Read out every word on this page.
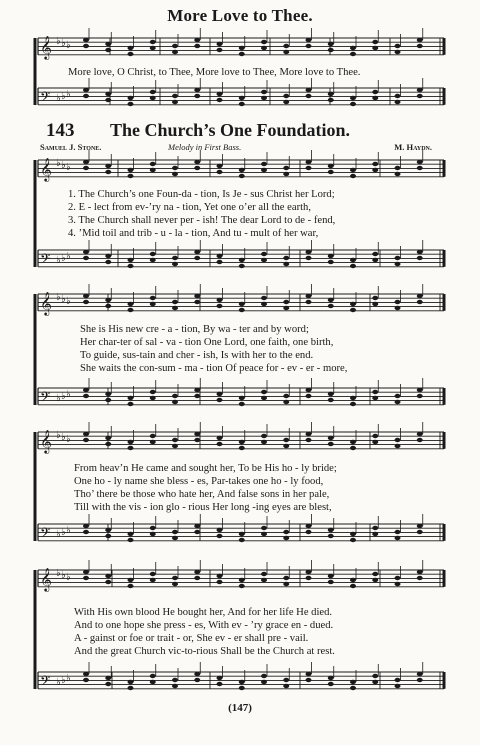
𝄞 ♭ ♭ ♭
𝄢 ♭ ♭ ♭
𝄞 ♭ ♭ ♭
𝄢 ♭ ♭ ♭
𝄞 ♭ ♭ ♭
𝄢 ♭ ♭ ♭
𝄞 ♭ ♭ ♭
𝄢 ♭ ♭ ♭
𝄞 ♭ ♭ ♭
𝄢 ♭ ♭ ♭
More Love to Thee.
More love, O Christ, to Thee, More love to Thee, More love to Thee.
143 The Church’s One Foundation.
Samuel J. Stone.	Melody in First Bass.	M. Haydn.
1. The Church’s one Foun-da - tion, Is Je - sus Christ her Lord;
2. E - lect from ev-’ry na - tion, Yet one o’er all the earth,
3. The Church shall never per - ish! The dear Lord to de - fend,
4. ’Mid toil and trib - u - la - tion, And tu - mult of her war,
She is His new cre - a - tion, By wa - ter and by word;
Her char-ter of sal - va - tion One Lord, one faith, one birth,
To guide, sus-tain and cher - ish, Is with her to the end.
She waits the con-sum - ma - tion Of peace for - ev - er - more,
From heav’n He came and sought her, To be His ho - ly bride;
One ho - ly name she bless - es, Par-takes one ho - ly food,
Tho’ there be those who hate her, And false sons in her pale,
Till with the vis - ion glo - rious Her long -ing eyes are blest,
With His own blood He bought her, And for her life He died.
And to one hope she press - es, With ev - ’ry grace en - dued.
A - gainst or foe or trait - or, She ev - er shall pre - vail.
And the great Church vic-to-rious Shall be the Church at rest.
(147)
